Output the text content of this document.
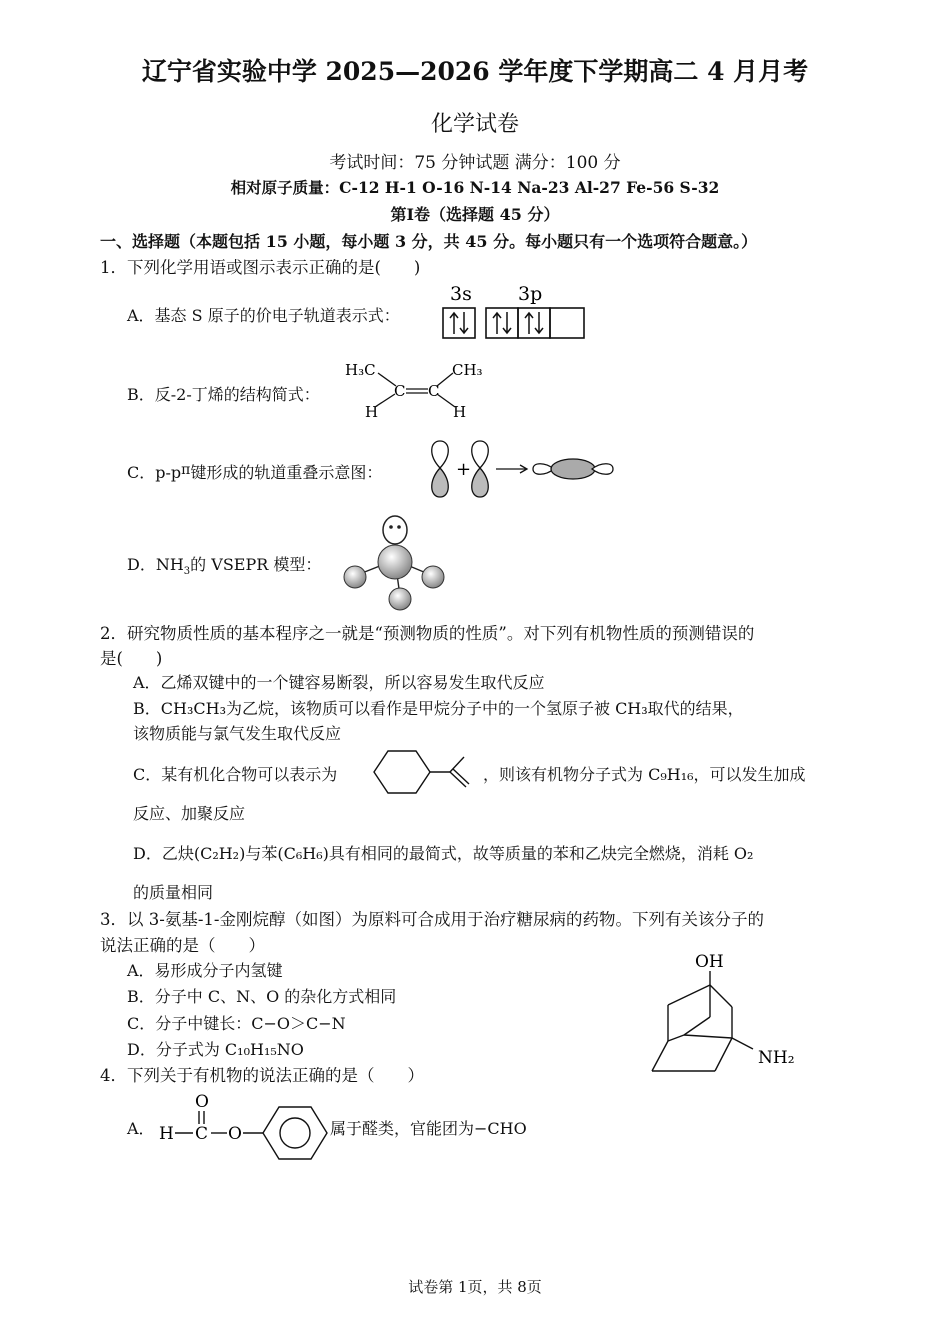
辽宁省实验中学 2025—2026 学年度下学期高二 4 月月考
化学试卷
考试时间：75 分钟试题 满分：100 分
相对原子质量：C-12 H-1 O-16 N-14 Na-23 Al-27 Fe-56 S-32
第Ⅰ卷（选择题 45 分）
一、选择题（本题包括 15 小题，每小题 3 分，共 45 分。每小题只有一个选项符合题意。）
1．下列化学用语或图示表示正确的是(　　)
A．基态 S 原子的价电子轨道表示式：
3s 3p
B．反-2-丁烯的结构简式：
H₃C	CH₃
C C
H	H
C．p-pπ键形成的轨道重叠示意图：	+
D．$NH_3$的 VSEPR 模型：
2．研究物质性质的基本程序之一就是“预测物质的性质”。对下列有机物性质的预测错误的
是(　　)
A．乙烯双键中的一个键容易断裂，所以容易发生取代反应
B．CH₃CH₃为乙烷，该物质可以看作是甲烷分子中的一个氢原子被 CH₃取代的结果，
该物质能与氯气发生取代反应
C．某有机化合物可以表示为	，则该有机物分子式为 C₉H₁₆，可以发生加成
反应、加聚反应
D．乙炔(C₂H₂)与苯(C₆H₆)具有相同的最简式，故等质量的苯和乙炔完全燃烧，消耗 O₂
的质量相同
3．以 3-氨基-1-金刚烷醇（如图）为原料可合成用于治疗糖尿病的药物。下列有关该分子的
说法正确的是（　　）
A．易形成分子内氢键
B．分子中 C、N、O 的杂化方式相同
C．分子中键长：C−O＞C−N
D．分子式为 C₁₀H₁₅NO
OH
NH₂
4．下列关于有机物的说法正确的是（　　）
A．
O
H C O	属于醛类，官能团为−CHO
试卷第 1页，共 8页
